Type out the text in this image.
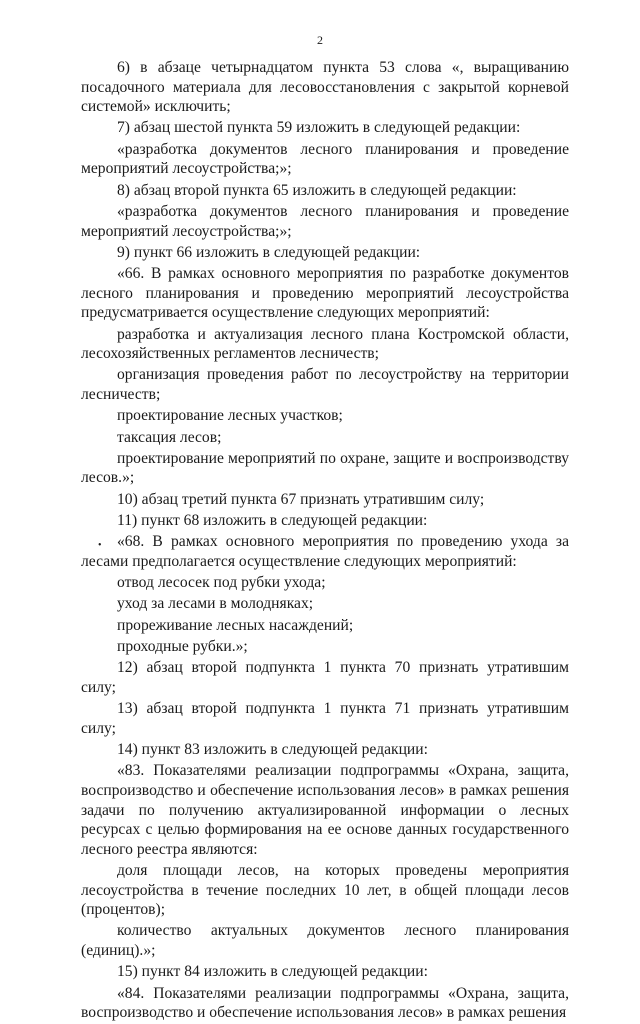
2

6) в абзаце четырнадцатом пункта 53 слова «, выращиванию посадочного материала для лесовосстановления с закрытой корневой системой» исключить;

7) абзац шестой пункта 59 изложить в следующей редакции:

«разработка документов лесного планирования и проведение мероприятий лесоустройства;»;

8) абзац второй пункта 65 изложить в следующей редакции:

«разработка документов лесного планирования и проведение мероприятий лесоустройства;»;

9) пункт 66 изложить в следующей редакции:

«66. В рамках основного мероприятия по разработке документов лесного планирования и проведению мероприятий лесоустройства предусматривается осуществление следующих мероприятий:

разработка и актуализация лесного плана Костромской области, лесохозяйственных регламентов лесничеств;

организация проведения работ по лесоустройству на территории лесничеств;

проектирование лесных участков;

таксация лесов;

проектирование мероприятий по охране, защите и воспроизводству лесов.»;

10) абзац третий пункта 67 признать утратившим силу;

11) пункт 68 изложить в следующей редакции:

«68. В рамках основного мероприятия по проведению ухода за лесами предполагается осуществление следующих мероприятий:

отвод лесосек под рубки ухода;

уход за лесами в молодняках;

прореживание лесных насаждений;

проходные рубки.»;

12) абзац второй подпункта 1 пункта 70 признать утратившим силу;

13) абзац второй подпункта 1 пункта 71 признать утратившим силу;

14) пункт 83 изложить в следующей редакции:

«83. Показателями реализации подпрограммы «Охрана, защита, воспроизводство и обеспечение использования лесов» в рамках решения задачи по получению актуализированной информации о лесных ресурсах с целью формирования на ее основе данных государственного лесного реестра являются:

доля площади лесов, на которых проведены мероприятия лесоустройства в течение последних 10 лет, в общей площади лесов (процентов);

количество актуальных документов лесного планирования (единиц).»;

15) пункт 84 изложить в следующей редакции:

«84. Показателями реализации подпрограммы «Охрана, защита, воспроизводство и обеспечение использования лесов» в рамках решения

•
